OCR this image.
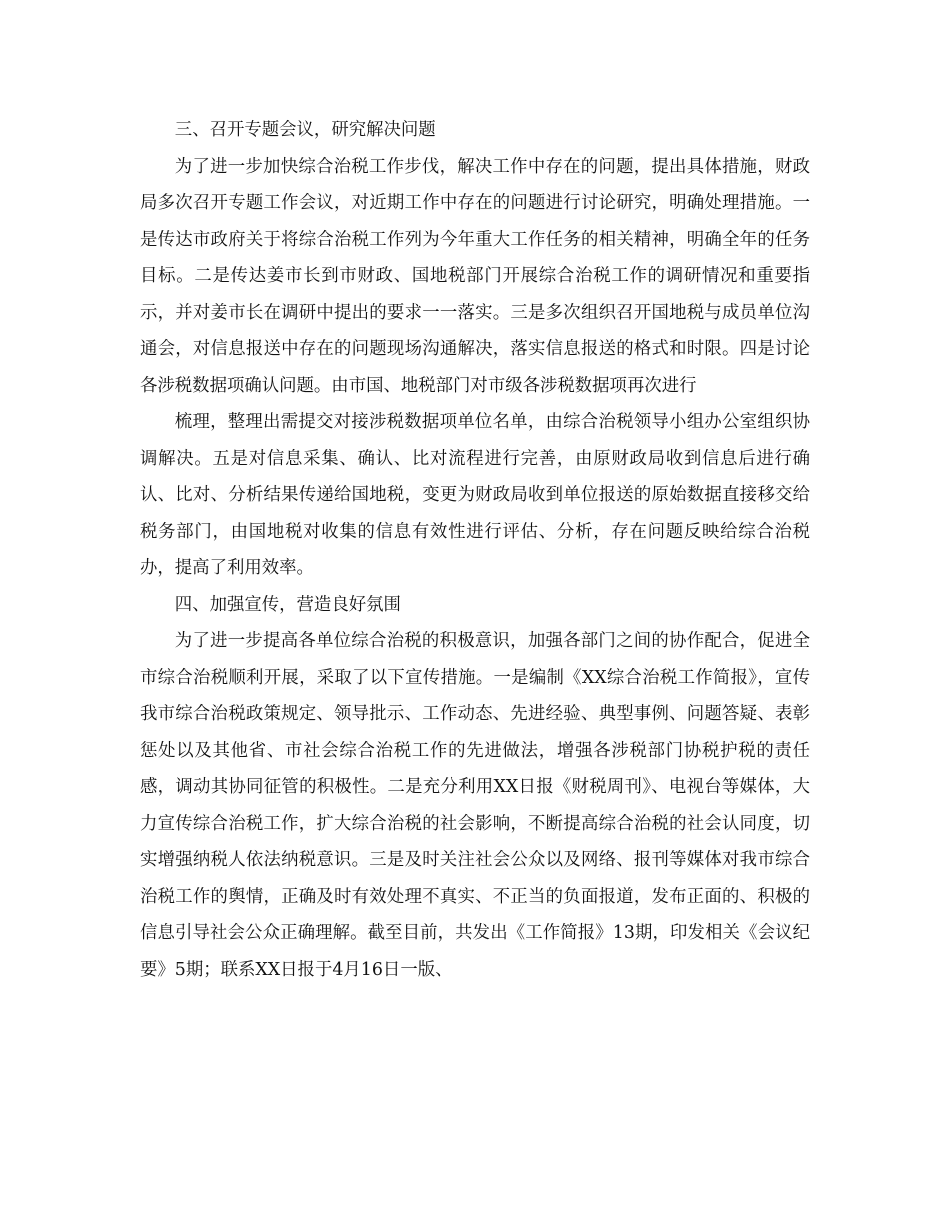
三、召开专题会议，研究解决问题

为了进一步加快综合治税工作步伐，解决工作中存在的问题，提出具体措施，财政局多次召开专题工作会议，对近期工作中存在的问题进行讨论研究，明确处理措施。一是传达市政府关于将综合治税工作列为今年重大工作任务的相关精神，明确全年的任务目标。二是传达姜市长到市财政、国地税部门开展综合治税工作的调研情况和重要指示，并对姜市长在调研中提出的要求一一落实。三是多次组织召开国地税与成员单位沟通会，对信息报送中存在的问题现场沟通解决，落实信息报送的格式和时限。四是讨论各涉税数据项确认问题。由市国、地税部门对市级各涉税数据项再次进行

梳理，整理出需提交对接涉税数据项单位名单，由综合治税领导小组办公室组织协调解决。五是对信息采集、确认、比对流程进行完善，由原财政局收到信息后进行确认、比对、分析结果传递给国地税，变更为财政局收到单位报送的原始数据直接移交给税务部门，由国地税对收集的信息有效性进行评估、分析，存在问题反映给综合治税办，提高了利用效率。

四、加强宣传，营造良好氛围

为了进一步提高各单位综合治税的积极意识，加强各部门之间的协作配合，促进全市综合治税顺利开展，采取了以下宣传措施。一是编制《XX综合治税工作简报》，宣传我市综合治税政策规定、领导批示、工作动态、先进经验、典型事例、问题答疑、表彰惩处以及其他省、市社会综合治税工作的先进做法，增强各涉税部门协税护税的责任感，调动其协同征管的积极性。二是充分利用XX日报《财税周刊》、电视台等媒体，大力宣传综合治税工作，扩大综合治税的社会影响，不断提高综合治税的社会认同度，切实增强纳税人依法纳税意识。三是及时关注社会公众以及网络、报刊等媒体对我市综合治税工作的舆情，正确及时有效处理不真实、不正当的负面报道，发布正面的、积极的信息引导社会公众正确理解。截至目前，共发出《工作简报》13期，印发相关《会议纪要》5期；联系XX日报于4月16日一版、
